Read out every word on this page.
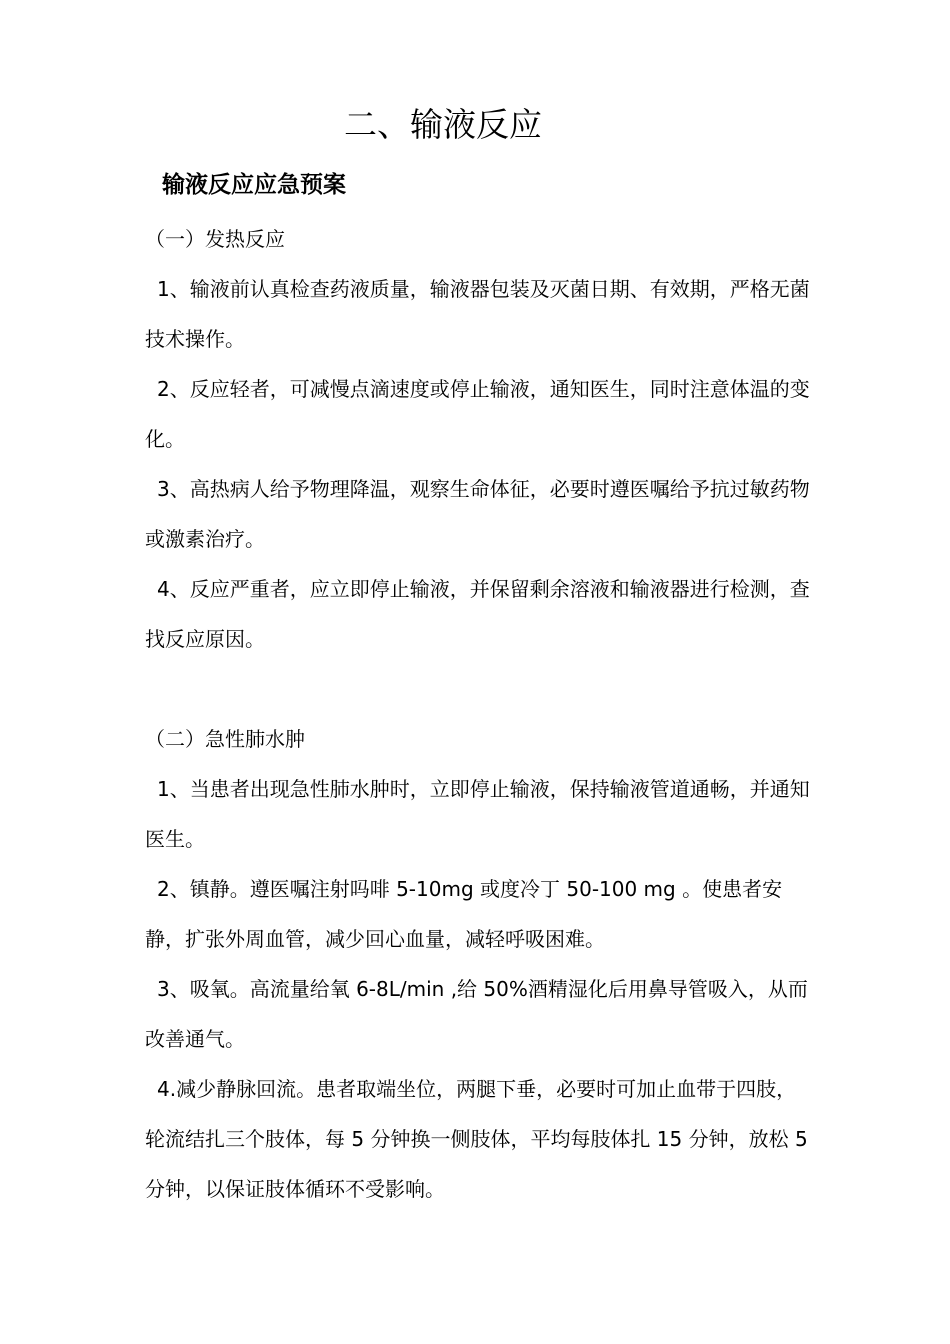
二、输液反应
输液反应应急预案

（一）发热反应

1、输液前认真检查药液质量，输液器包装及灭菌日期、有效期，严格无菌技术操作。

2、反应轻者，可减慢点滴速度或停止输液，通知医生，同时注意体温的变化。

3、高热病人给予物理降温，观察生命体征，必要时遵医嘱给予抗过敏药物或激素治疗。

4、反应严重者，应立即停止输液，并保留剩余溶液和输液器进行检测，查找反应原因。

（二）急性肺水肿

1、当患者出现急性肺水肿时，立即停止输液，保持输液管道通畅，并通知医生。

2、镇静。遵医嘱注射吗啡 5-10mg 或度冷丁 50-100 mg 。使患者安静，扩张外周血管，减少回心血量，减轻呼吸困难。

3、吸氧。高流量给氧 6-8L/min ,给 50%酒精湿化后用鼻导管吸入，从而改善通气。

4.减少静脉回流。患者取端坐位，两腿下垂，必要时可加止血带于四肢，轮流结扎三个肢体，每 5 分钟换一侧肢体，平均每肢体扎 15 分钟，放松 5 分钟，以保证肢体循环不受影响。
